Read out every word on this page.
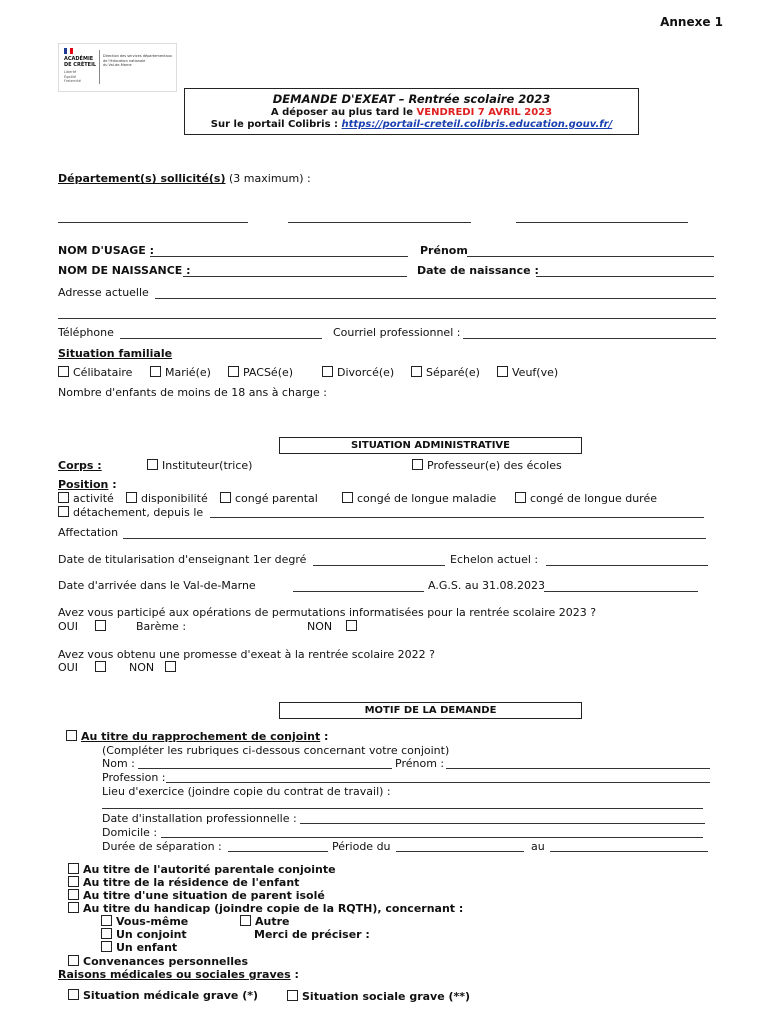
Annexe 1
ACADÉMIE
DE CRÉTEIL
Liberté
Égalité
Fraternité
Direction des services départementaux
de l'éducation nationale
du Val-de-Marne
DEMANDE D'EXEAT – Rentrée scolaire 2023
A déposer au plus tard le VENDREDI 7 AVRIL 2023
Sur le portail Colibris : https://portail-creteil.colibris.education.gouv.fr/
Département(s) sollicité(s) (3 maximum) :
NOM D'USAGE :	Prénom
NOM DE NAISSANCE :	Date de naissance :
Adresse actuelle
Téléphone	Courriel professionnel :
Situation familiale
Célibataire	Marié(e)	PACSé(e)	Divorcé(e)	Séparé(e)	Veuf(ve)
Nombre d'enfants de moins de 18 ans à charge :
SITUATION ADMINISTRATIVE
Corps :	Instituteur(trice)	Professeur(e) des écoles
Position :
activité	disponibilité	congé parental	congé de longue maladie	congé de longue durée
détachement, depuis le
Affectation
Date de titularisation d'enseignant 1er degré	Echelon actuel :
Date d'arrivée dans le Val-de-Marne	A.G.S. au 31.08.2023
Avez vous participé aux opérations de permutations informatisées pour la rentrée scolaire 2023 ?
OUI	Barème :	NON
Avez vous obtenu une promesse d'exeat à la rentrée scolaire 2022 ?
OUI	NON
MOTIF DE LA DEMANDE
Au titre du rapprochement de conjoint :
(Compléter les rubriques ci-dessous concernant votre conjoint)
Nom :	Prénom :
Profession :
Lieu d'exercice (joindre copie du contrat de travail) :
Date d'installation professionnelle :
Domicile :
Durée de séparation :	Période du	au
Au titre de l'autorité parentale conjointe
Au titre de la résidence de l'enfant
Au titre d'une situation de parent isolé
Au titre du handicap (joindre copie de la RQTH), concernant :
Vous-même	Autre
Un conjoint	Merci de préciser :
Un enfant
Convenances personnelles
Raisons médicales ou sociales graves :
Situation médicale grave (*)	Situation sociale grave (**)
